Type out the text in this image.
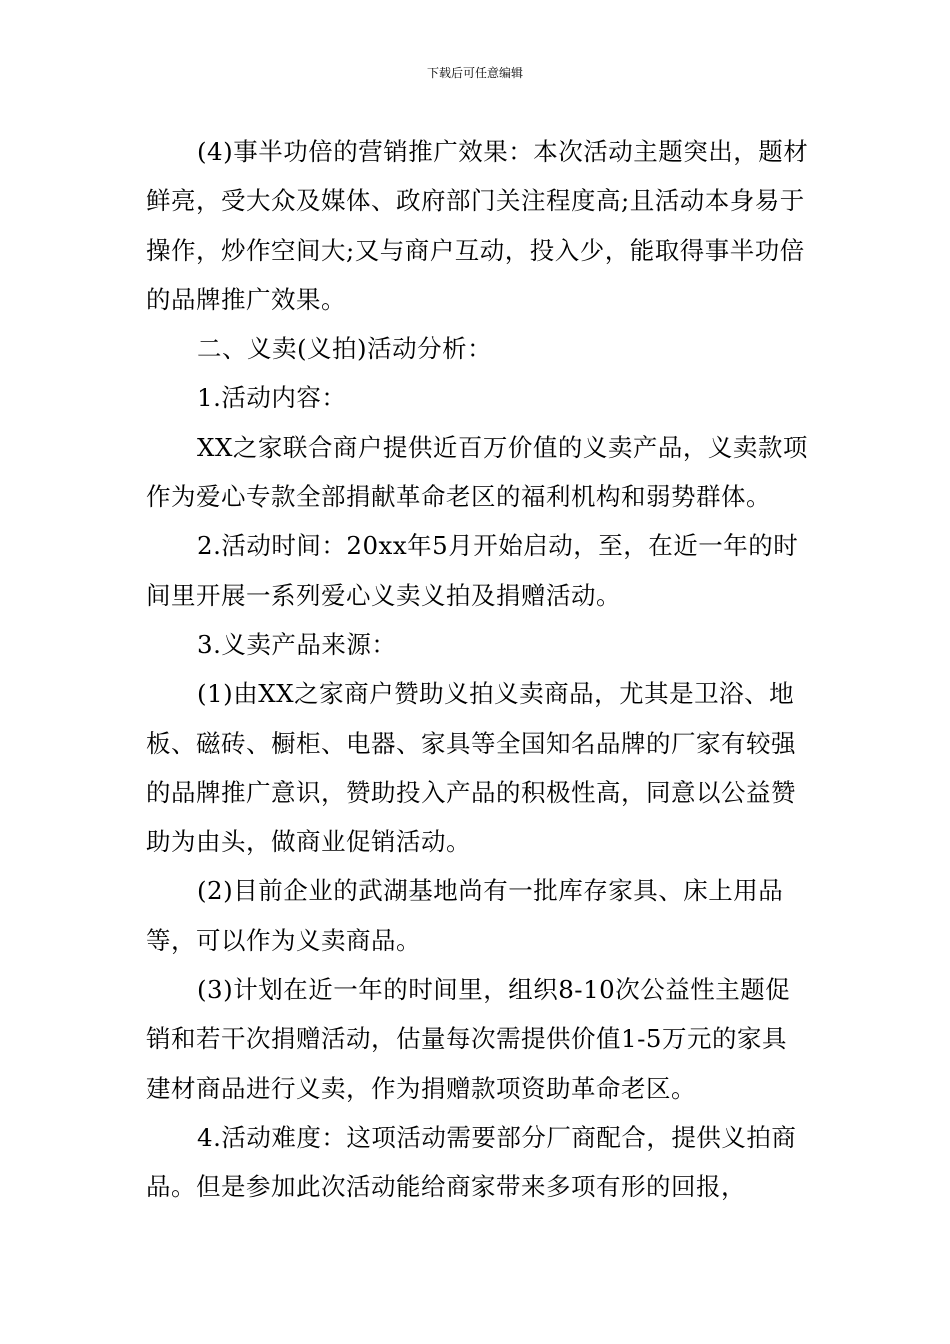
下载后可任意编辑

(4)事半功倍的营销推广效果：本次活动主题突出，题材鲜亮，受大众及媒体、政府部门关注程度高;且活动本身易于操作，炒作空间大;又与商户互动，投入少，能取得事半功倍的品牌推广效果。

二、义卖(义拍)活动分析：

1.活动内容：

XX之家联合商户提供近百万价值的义卖产品，义卖款项作为爱心专款全部捐献革命老区的福利机构和弱势群体。

2.活动时间：20xx年5月开始启动，至，在近一年的时间里开展一系列爱心义卖义拍及捐赠活动。

3.义卖产品来源：

(1)由XX之家商户赞助义拍义卖商品，尤其是卫浴、地板、磁砖、橱柜、电器、家具等全国知名品牌的厂家有较强的品牌推广意识，赞助投入产品的积极性高，同意以公益赞助为由头，做商业促销活动。

(2)目前企业的武湖基地尚有一批库存家具、床上用品等，可以作为义卖商品。

(3)计划在近一年的时间里，组织8-10次公益性主题促销和若干次捐赠活动，估量每次需提供价值1-5万元的家具建材商品进行义卖，作为捐赠款项资助革命老区。

4.活动难度：这项活动需要部分厂商配合，提供义拍商品。但是参加此次活动能给商家带来多项有形的回报，
